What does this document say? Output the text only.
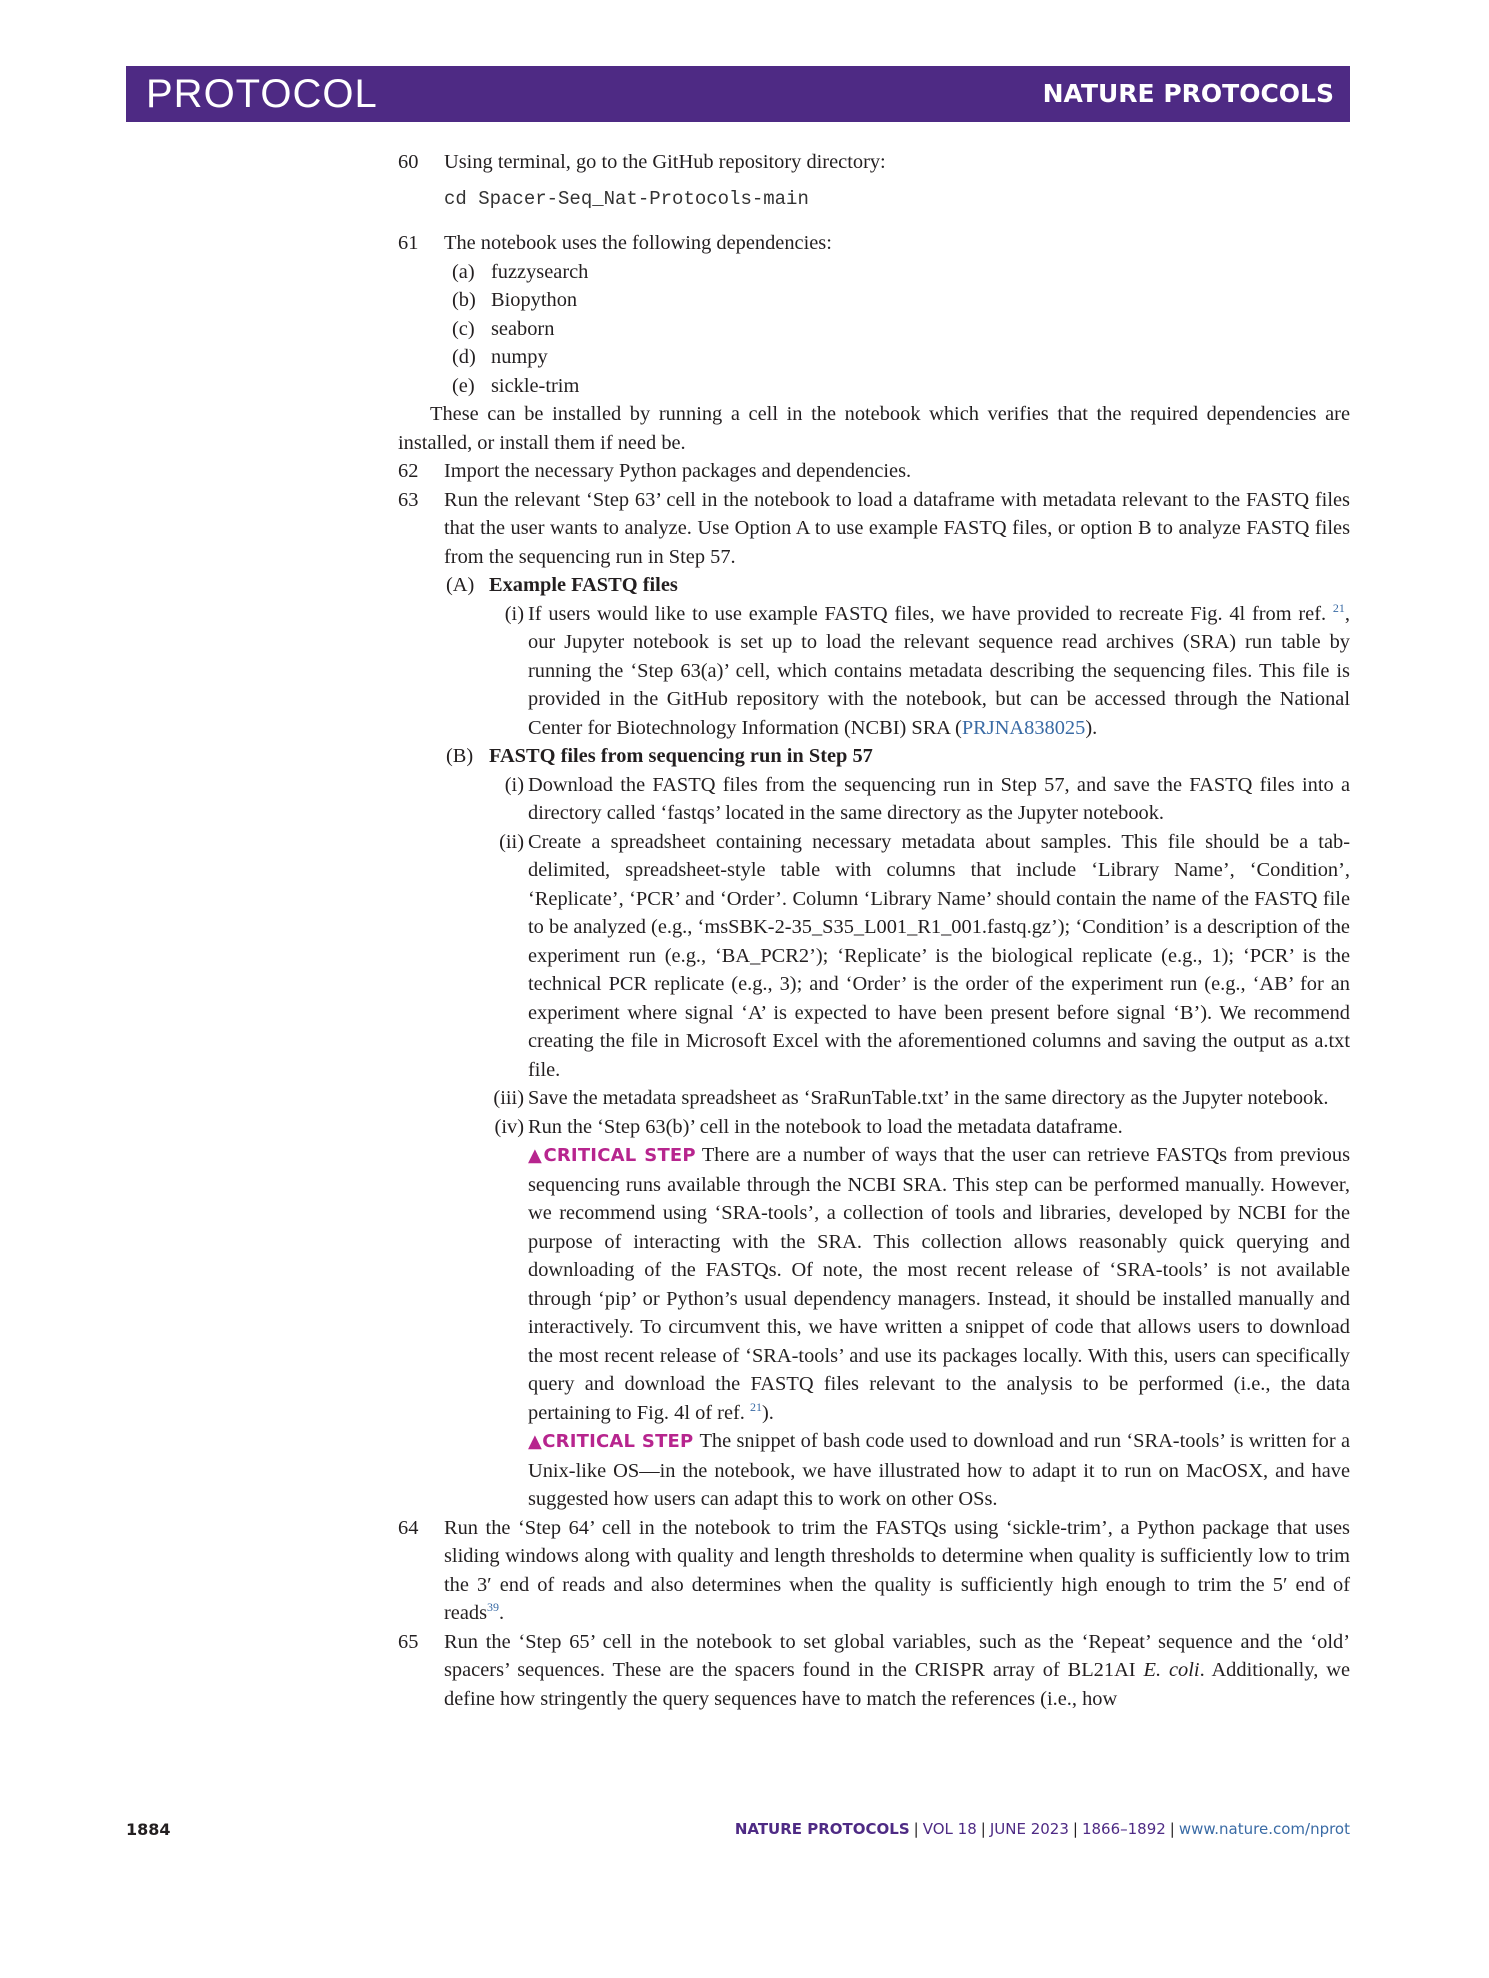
PROTOCOL	NATURE PROTOCOLS
60 Using terminal, go to the GitHub repository directory:
cd Spacer-Seq_Nat-Protocols-main
61 The notebook uses the following dependencies:
(a) fuzzysearch
(b) Biopython
(c) seaborn
(d) numpy
(e) sickle-trim
These can be installed by running a cell in the notebook which verifies that the required dependencies are installed, or install them if need be.
62 Import the necessary Python packages and dependencies.
63 Run the relevant ‘Step 63’ cell in the notebook to load a dataframe with metadata relevant to the FASTQ files that the user wants to analyze. Use Option A to use example FASTQ files, or option B to analyze FASTQ files from the sequencing run in Step 57.
(A) Example FASTQ files
(i) If users would like to use example FASTQ files, we have provided to recreate Fig. 4l from ref. $^{21}$, our Jupyter notebook is set up to load the relevant sequence read archives (SRA) run table by running the ‘Step 63(a)’ cell, which contains metadata describing the sequencing files. This file is provided in the GitHub repository with the notebook, but can be accessed through the National Center for Biotechnology Information (NCBI) SRA (PRJNA838025).
(B) FASTQ files from sequencing run in Step 57
(i) Download the FASTQ files from the sequencing run in Step 57, and save the FASTQ files into a directory called ‘fastqs’ located in the same directory as the Jupyter notebook.
(ii) Create a spreadsheet containing necessary metadata about samples. This file should be a tab-delimited, spreadsheet-style table with columns that include ‘Library Name’, ‘Condition’, ‘Replicate’, ‘PCR’ and ‘Order’. Column ‘Library Name’ should contain the name of the FASTQ file to be analyzed (e.g., ‘msSBK-2-35_S35_L001_R1_001.fastq.gz’); ‘Condition’ is a description of the experiment run (e.g., ‘BA_PCR2’); ‘Replicate’ is the biological replicate (e.g., 1); ‘PCR’ is the technical PCR replicate (e.g., 3); and ‘Order’ is the order of the experiment run (e.g., ‘AB’ for an experiment where signal ‘A’ is expected to have been present before signal ‘B’). We recommend creating the file in Microsoft Excel with the aforementioned columns and saving the output as a.txt file.
(iii) Save the metadata spreadsheet as ‘SraRunTable.txt’ in the same directory as the Jupyter notebook.
(iv) Run the ‘Step 63(b)’ cell in the notebook to load the metadata dataframe.
▲CRITICAL STEP There are a number of ways that the user can retrieve FASTQs from previous sequencing runs available through the NCBI SRA. This step can be performed manually. However, we recommend using ‘SRA-tools’, a collection of tools and libraries, developed by NCBI for the purpose of interacting with the SRA. This collection allows reasonably quick querying and downloading of the FASTQs. Of note, the most recent release of ‘SRA-tools’ is not available through ‘pip’ or Python’s usual dependency managers. Instead, it should be installed manually and interactively. To circumvent this, we have written a snippet of code that allows users to download the most recent release of ‘SRA-tools’ and use its packages locally. With this, users can specifically query and download the FASTQ files relevant to the analysis to be performed (i.e., the data pertaining to Fig. 4l of ref. $^{21}$).
▲CRITICAL STEP The snippet of bash code used to download and run ‘SRA-tools’ is written for a Unix-like OS—in the notebook, we have illustrated how to adapt it to run on MacOSX, and have suggested how users can adapt this to work on other OSs.
64 Run the ‘Step 64’ cell in the notebook to trim the FASTQs using ‘sickle-trim’, a Python package that uses sliding windows along with quality and length thresholds to determine when quality is sufficiently low to trim the 3′ end of reads and also determines when the quality is sufficiently high enough to trim the 5′ end of reads$^{39}$.
65 Run the ‘Step 65’ cell in the notebook to set global variables, such as the ‘Repeat’ sequence and the ‘old’ spacers’ sequences. These are the spacers found in the CRISPR array of BL21AI E. coli. Additionally, we define how stringently the query sequences have to match the references (i.e., how
1884	NATURE PROTOCOLS | VOL 18 | JUNE 2023 | 1866–1892 | www.nature.com/nprot
